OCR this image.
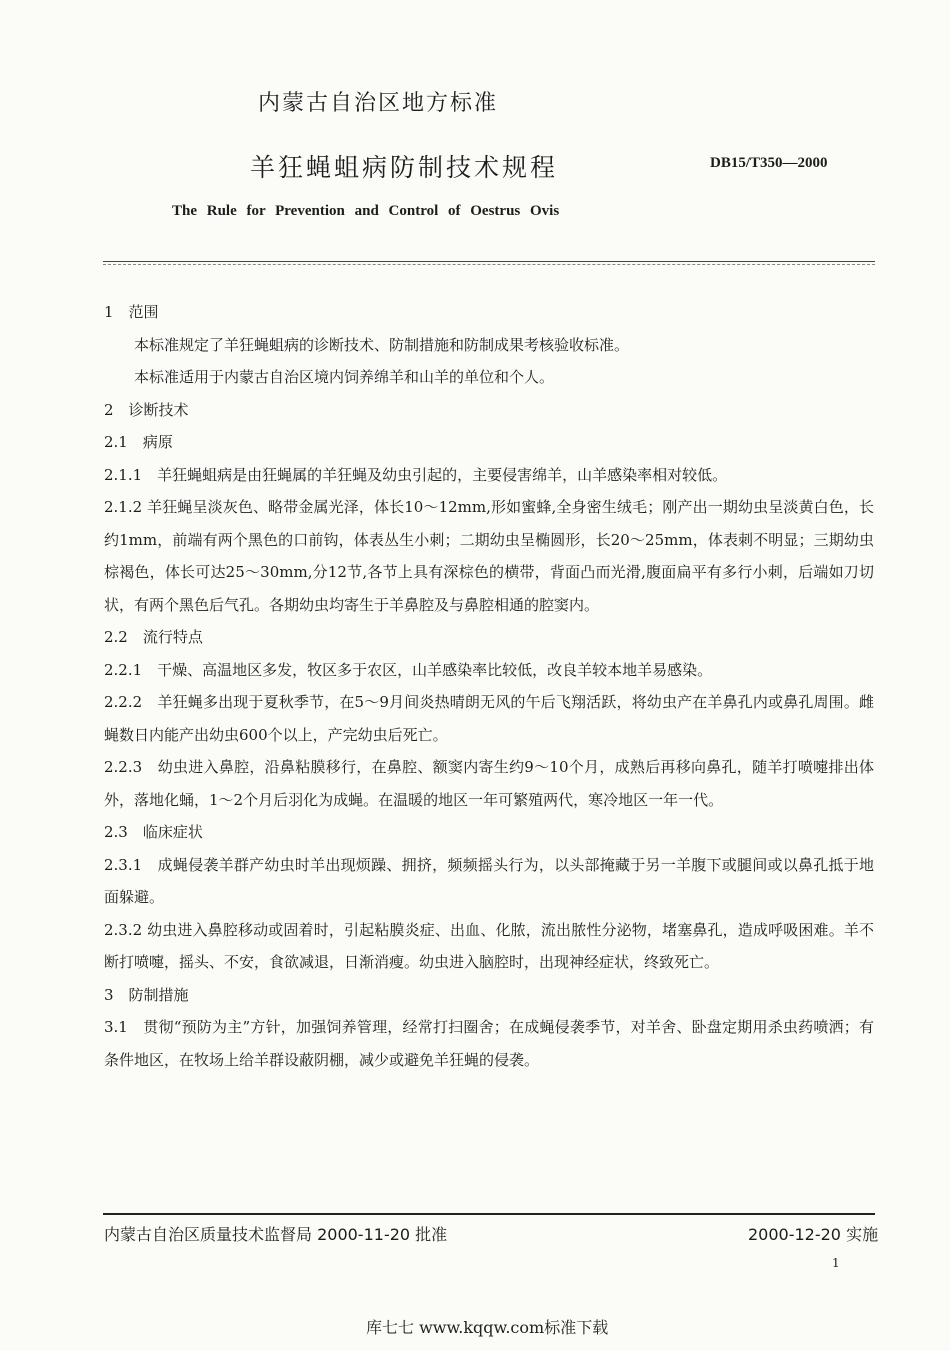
内蒙古自治区地方标准
羊狂蝇蛆病防制技术规程	DB15/T350—2000
The Rule for Prevention and Control of Oestrus Ovis

1　范围

本标准规定了羊狂蝇蛆病的诊断技术、防制措施和防制成果考核验收标准。

本标准适用于内蒙古自治区境内饲养绵羊和山羊的单位和个人。

2　诊断技术

2.1　病原

2.1.1　羊狂蝇蛆病是由狂蝇属的羊狂蝇及幼虫引起的，主要侵害绵羊，山羊感染率相对较低。

2.1.2 羊狂蝇呈淡灰色、略带金属光泽，体长10～12mm,形如蜜蜂,全身密生绒毛；刚产出一期幼虫呈淡黄白色，长约1mm，前端有两个黑色的口前钩，体表丛生小刺；二期幼虫呈椭圆形，长20～25mm，体表刺不明显；三期幼虫棕褐色，体长可达25～30mm,分12节,各节上具有深棕色的横带，背面凸而光滑,腹面扁平有多行小刺，后端如刀切状，有两个黑色后气孔。各期幼虫均寄生于羊鼻腔及与鼻腔相通的腔窦内。

2.2　流行特点

2.2.1　干燥、高温地区多发，牧区多于农区，山羊感染率比较低，改良羊较本地羊易感染。

2.2.2　羊狂蝇多出现于夏秋季节，在5～9月间炎热晴朗无风的午后飞翔活跃，将幼虫产在羊鼻孔内或鼻孔周围。雌蝇数日内能产出幼虫600个以上，产完幼虫后死亡。

2.2.3　幼虫进入鼻腔，沿鼻粘膜移行，在鼻腔、额窦内寄生约9～10个月，成熟后再移向鼻孔，随羊打喷嚏排出体外，落地化蛹，1～2个月后羽化为成蝇。在温暖的地区一年可繁殖两代，寒冷地区一年一代。

2.3　临床症状

2.3.1　成蝇侵袭羊群产幼虫时羊出现烦躁、拥挤，频频摇头行为，以头部掩藏于另一羊腹下或腿间或以鼻孔抵于地面躲避。

2.3.2 幼虫进入鼻腔移动或固着时，引起粘膜炎症、出血、化脓，流出脓性分泌物，堵塞鼻孔，造成呼吸困难。羊不断打喷嚏，摇头、不安，食欲减退，日渐消瘦。幼虫进入脑腔时，出现神经症状，终致死亡。

3　防制措施

3.1　贯彻“预防为主”方针，加强饲养管理，经常打扫圈舍；在成蝇侵袭季节，对羊舍、卧盘定期用杀虫药喷洒；有条件地区，在牧场上给羊群设蔽阴棚，减少或避免羊狂蝇的侵袭。

内蒙古自治区质量技术监督局 2000-11-20 批准	2000-12-20 实施
1
库七七 www.kqqw.com标准下载
